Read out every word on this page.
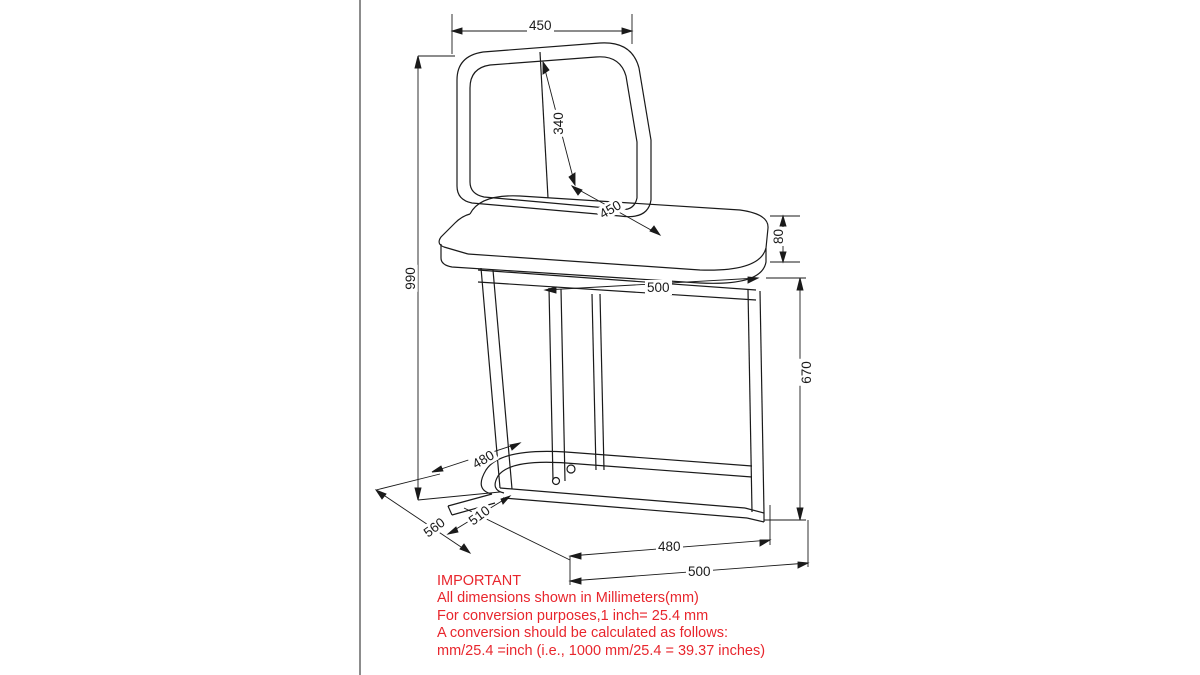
450
340
990
450
80
500
670
480
560 510
480
500
IMPORTANT
All dimensions shown in Millimeters(mm)
For conversion purposes,1 inch= 25.4 mm
A conversion should be calculated as follows:
mm/25.4 =inch (i.e., 1000 mm/25.4 = 39.37 inches)
